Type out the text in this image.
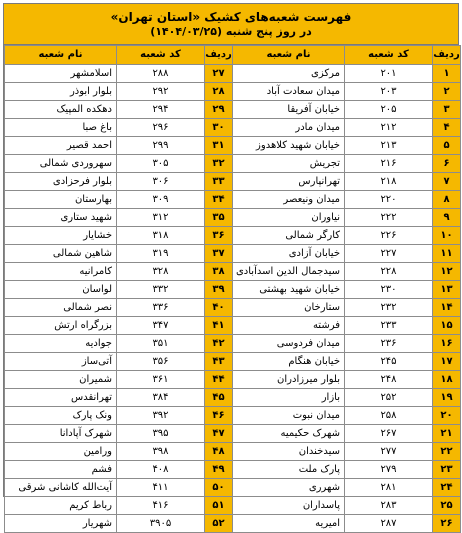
فهرست شعبه‌های کشیک «استان تهران»
در روز پنج شنبه (۱۴۰۴/۰۳/۲۵)
ردیف	کد شعبه	نام شعبه	ردیف	کد شعبه	نام شعبه
۱	۲۰۱	مرکزی	۲۷	۲۸۸	اسلامشهر
۲	۲۰۳	میدان سعادت آباد	۲۸	۲۹۲	بلوار ابوذر
۳	۲۰۵	خیابان آفریقا	۲۹	۲۹۴	دهکده المپیک
۴	۲۱۲	میدان مادر	۳۰	۲۹۶	باغ صبا
۵	۲۱۳	خیابان شهید کلاهدوز	۳۱	۲۹۹	احمد قصیر
۶	۲۱۶	تجریش	۳۲	۳۰۵	سهروردی شمالی
۷	۲۱۸	تهرانپارس	۳۳	۳۰۶	بلوار فرحزادی
۸	۲۲۰	میدان ونیعصر	۳۴	۳۰۹	بهارستان
۹	۲۲۲	نیاوران	۳۵	۳۱۲	شهید ستاری
۱۰	۲۲۶	کارگر شمالی	۳۶	۳۱۸	خشایار
۱۱	۲۲۷	خیابان آزادی	۳۷	۳۱۹	شاهین شمالی
۱۲	۲۲۸	سیدجمال الدین اسدآبادی	۳۸	۳۲۸	کامرانیه
۱۳	۲۳۰	خیابان شهید بهشتی	۳۹	۳۳۲	لواسان
۱۴	۲۳۲	ستارخان	۴۰	۳۳۶	نصر شمالی
۱۵	۲۳۳	فرشته	۴۱	۳۴۷	بزرگراه ارتش
۱۶	۲۳۶	میدان فردوسی	۴۲	۳۵۱	جوادیه
۱۷	۲۴۵	خیابان هنگام	۴۳	۳۵۶	آتی‌ساز
۱۸	۲۴۸	بلوار میرزادران	۴۴	۳۶۱	شمیران
۱۹	۲۵۲	بازار	۴۵	۳۸۴	تهرانقدس
۲۰	۲۵۸	میدان نبوت	۴۶	۳۹۲	ونک پارک
۲۱	۲۶۷	شهرک حکیمیه	۴۷	۳۹۵	شهرک آپادانا
۲۲	۲۷۷	سیدخندان	۴۸	۳۹۸	ورامین
۲۳	۲۷۹	پارک ملت	۴۹	۴۰۸	فشم
۲۴	۲۸۱	شهرری	۵۰	۴۱۱	آیت‌الله کاشانی شرقی
۲۵	۲۸۳	پاسداران	۵۱	۴۱۶	رباط کریم
۲۶	۲۸۷	امیریه	۵۲	۳۹۰۵	شهریار
